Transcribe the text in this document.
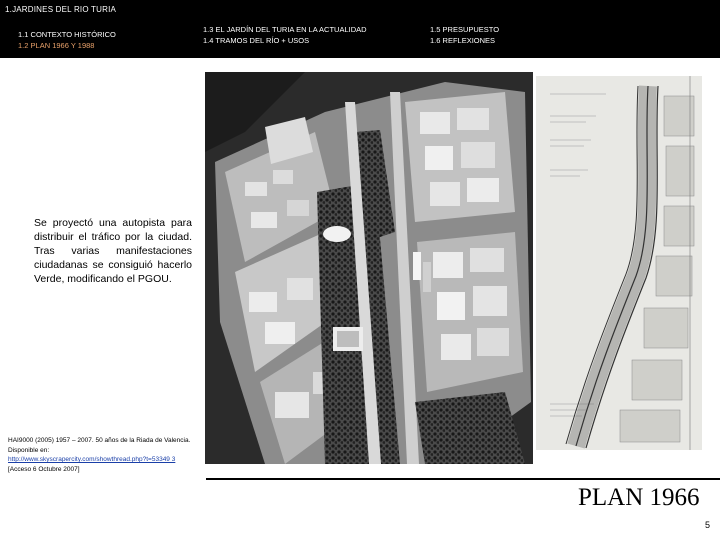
1.JARDINES DEL RIO TURIA
1.1 CONTEXTO HISTÓRICO
1.2 PLAN 1966 Y 1988
1.3 EL JARDÍN DEL TURIA EN LA ACTUALIDAD
1.4 TRAMOS DEL RÍO + USOS
1.5 PRESUPUESTO
1.6 REFLEXIONES
Se proyectó una autopista para distribuir el tráfico por la ciudad. Tras varias manifestaciones ciudadanas se consiguió hacerlo Verde, modificando el PGOU.
HAI9000 (2005) 1957 – 2007. 50 años de la Riada de Valencia.
Disponible en:
http://www.skyscrapercity.com/showthread.php?t=53349 3
[Acceso 6 Octubre 2007]
PLAN 1966
5
